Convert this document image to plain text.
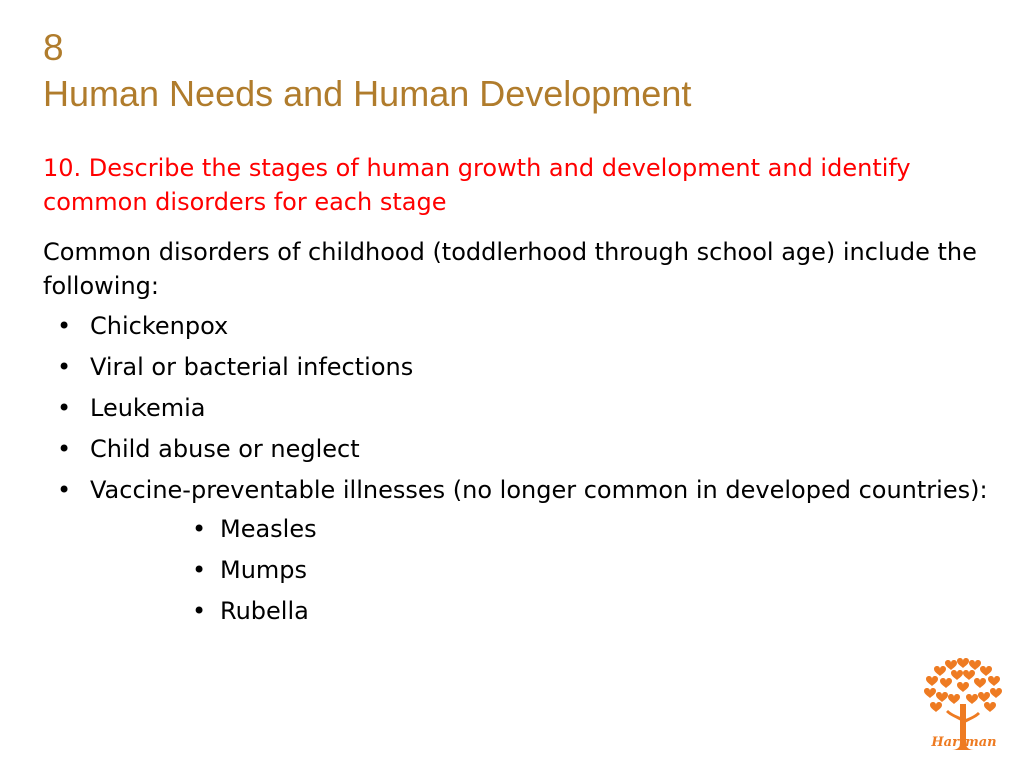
8
Human Needs and Human Development
10. Describe the stages of human growth and development and identify common disorders for each stage
Common disorders of childhood (toddlerhood through school age) include the following:
• Chickenpox
• Viral or bacterial infections
• Leukemia
• Child abuse or neglect
• Vaccine-preventable illnesses (no longer common in developed countries):
• Measles
• Mumps
• Rubella
Hartman
